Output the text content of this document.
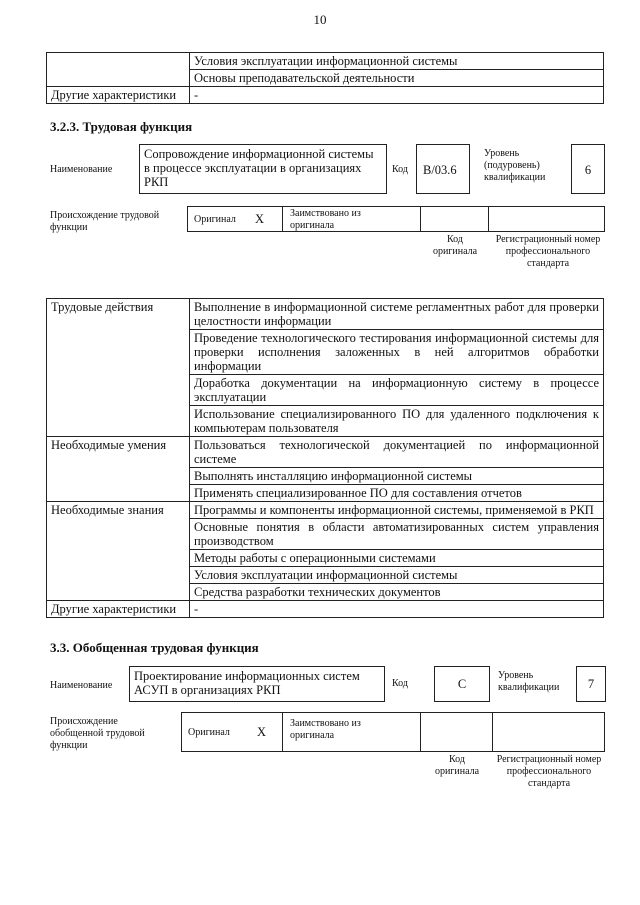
10
	Условия эксплуатации информационной системы
	Основы преподавательской деятельности
Другие характеристики	-
3.2.3. Трудовая функция
Наименование
Сопровождение информационной системы в процессе эксплуатации в организациях РКП
Код	B/03.6
Уровень (подуровень) квалификации
6
Происхождение трудовой функции
Оригинал X	Заимствовано из оригинала
Код оригинала
Регистрационный номер профессионального стандарта
Трудовые действия	Выполнение в информационной системе регламентных работ для проверки целостности информации
	Проведение технологического тестирования информационной системы для проверки исполнения заложенных в ней алгоритмов обработки информации
	Доработка документации на информационную систему в процессе эксплуатации
	Использование специализированного ПО для удаленного подключения к компьютерам пользователя
Необходимые умения	Пользоваться технологической документацией по информационной системе
	Выполнять инсталляцию информационной системы
	Применять специализированное ПО для составления отчетов
Необходимые знания	Программы и компоненты информационной системы, применяемой в РКП
	Основные понятия в области автоматизированных систем управления производством
	Методы работы с операционными системами
	Условия эксплуатации информационной системы
	Средства разработки технических документов
Другие характеристики	-
3.3. Обобщенная трудовая функция
Наименование
Проектирование информационных систем АСУП в организациях РКП	Код	C
Уровень квалификации	7
Происхождение обобщенной трудовой функции
Оригинал X
Заимствовано из оригинала
Код оригинала
Регистрационный номер профессионального стандарта
